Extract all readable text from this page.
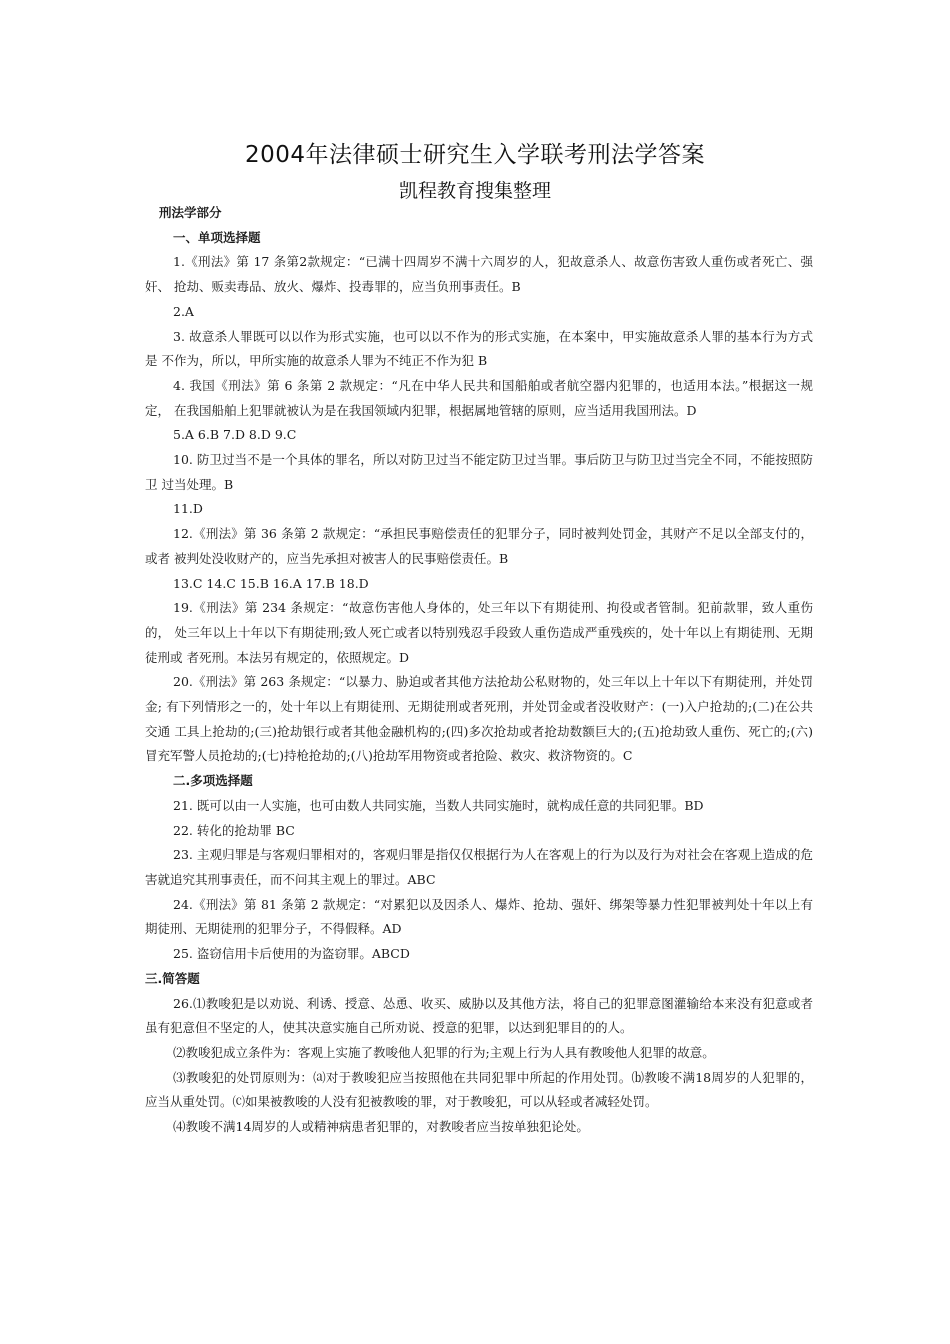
2004年法律硕士研究生入学联考刑法学答案
凯程教育搜集整理

刑法学部分

一、单项选择题

1.《刑法》第 17 条第2款规定：“已满十四周岁不满十六周岁的人，犯故意杀人、故意伤害致人重伤或者死亡、强奸、 抢劫、贩卖毒品、放火、爆炸、投毒罪的，应当负刑事责任。B

2.A

3. 故意杀人罪既可以以作为形式实施，也可以以不作为的形式实施，在本案中，甲实施故意杀人罪的基本行为方式是 不作为，所以，甲所实施的故意杀人罪为不纯正不作为犯 B

4. 我国《刑法》第 6 条第 2 款规定：“凡在中华人民共和国船舶或者航空器内犯罪的，也适用本法。”根据这一规定， 在我国船舶上犯罪就被认为是在我国领域内犯罪，根据属地管辖的原则，应当适用我国刑法。D

5.A 6.B 7.D 8.D 9.C

10. 防卫过当不是一个具体的罪名，所以对防卫过当不能定防卫过当罪。事后防卫与防卫过当完全不同，不能按照防卫 过当处理。B

11.D

12.《刑法》第 36 条第 2 款规定：“承担民事赔偿责任的犯罪分子，同时被判处罚金，其财产不足以全部支付的，或者 被判处没收财产的，应当先承担对被害人的民事赔偿责任。B

13.C 14.C 15.B 16.A 17.B 18.D

19.《刑法》第 234 条规定：“故意伤害他人身体的，处三年以下有期徒刑、拘役或者管制。犯前款罪，致人重伤的， 处三年以上十年以下有期徒刑;致人死亡或者以特别残忍手段致人重伤造成严重残疾的，处十年以上有期徒刑、无期徒刑或 者死刑。本法另有规定的，依照规定。D

20.《刑法》第 263 条规定：“以暴力、胁迫或者其他方法抢劫公私财物的，处三年以上十年以下有期徒刑，并处罚金; 有下列情形之一的，处十年以上有期徒刑、无期徒刑或者死刑，并处罚金或者没收财产：(一)入户抢劫的;(二)在公共交通 工具上抢劫的;(三)抢劫银行或者其他金融机构的;(四)多次抢劫或者抢劫数额巨大的;(五)抢劫致人重伤、死亡的;(六) 冒充军警人员抢劫的;(七)持枪抢劫的;(八)抢劫军用物资或者抢险、救灾、救济物资的。C

二.多项选择题

21. 既可以由一人实施，也可由数人共同实施，当数人共同实施时，就构成任意的共同犯罪。BD

22. 转化的抢劫罪 BC

23. 主观归罪是与客观归罪相对的，客观归罪是指仅仅根据行为人在客观上的行为以及行为对社会在客观上造成的危害就追究其刑事责任，而不问其主观上的罪过。ABC

24.《刑法》第 81 条第 2 款规定：“对累犯以及因杀人、爆炸、抢劫、强奸、绑架等暴力性犯罪被判处十年以上有期徒刑、无期徒刑的犯罪分子，不得假释。AD

25. 盗窃信用卡后使用的为盗窃罪。ABCD

三.简答题

26.⑴教唆犯是以劝说、利诱、授意、怂恿、收买、威胁以及其他方法，将自己的犯罪意图灌输给本来没有犯意或者 虽有犯意但不坚定的人，使其决意实施自己所劝说、授意的犯罪，以达到犯罪目的的人。

⑵教唆犯成立条件为：客观上实施了教唆他人犯罪的行为;主观上行为人具有教唆他人犯罪的故意。

⑶教唆犯的处罚原则为：⒜对于教唆犯应当按照他在共同犯罪中所起的作用处罚。⒝教唆不满18周岁的人犯罪的，应当从重处罚。⒞如果被教唆的人没有犯被教唆的罪，对于教唆犯，可以从轻或者减轻处罚。

⑷教唆不满14周岁的人或精神病患者犯罪的，对教唆者应当按单独犯论处。
